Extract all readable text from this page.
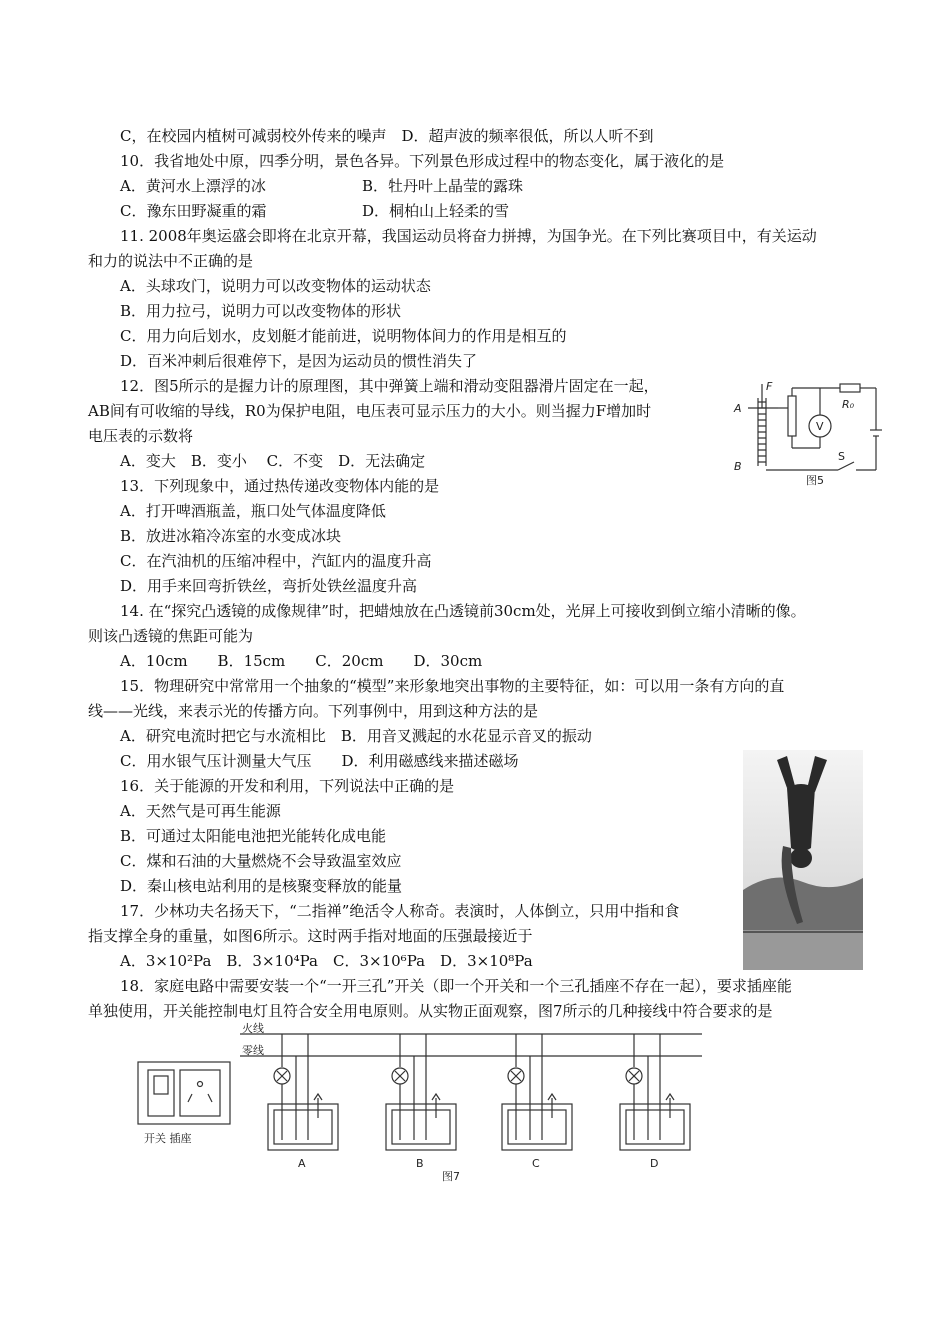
C，在校园内植树可减弱校外传来的噪声　D．超声波的频率很低，所以人听不到
10．我省地处中原，四季分明，景色各异。下列景色形成过程中的物态变化，属于液化的是
A．黄河水上漂浮的冰	B．牡丹叶上晶莹的露珠
C．豫东田野凝重的霜	D．桐柏山上轻柔的雪
11. 2008年奥运盛会即将在北京开幕，我国运动员将奋力拼搏，为国争光。在下列比赛项目中，有关运动
和力的说法中不正确的是
A．头球攻门，说明力可以改变物体的运动状态
B．用力拉弓，说明力可以改变物体的形状
C．用力向后划水，皮划艇才能前进，说明物体间力的作用是相互的
D．百米冲刺后很难停下，是因为运动员的惯性消失了
12．图5所示的是握力计的原理图，其中弹簧上端和滑动变阻器滑片固定在一起，
AB间有可收缩的导线，R0为保护电阻，电压表可显示压力的大小。则当握力F增加时
电压表的示数将
A．变大　B．变小　 C．不变　D．无法确定
13．下列现象中，通过热传递改变物体内能的是
A．打开啤酒瓶盖，瓶口处气体温度降低
B．放进冰箱冷冻室的水变成冰块
C．在汽油机的压缩冲程中，汽缸内的温度升高
D．用手来回弯折铁丝，弯折处铁丝温度升高
14. 在“探究凸透镜的成像规律”时，把蜡烛放在凸透镜前30cm处，光屏上可接收到倒立缩小清晰的像。
则该凸透镜的焦距可能为
A．10cm　　B．15cm　　C．20cm　　D．30cm
15．物理研究中常常用一个抽象的“模型”来形象地突出事物的主要特征，如：可以用一条有方向的直
线——光线，来表示光的传播方向。下列事例中，用到这种方法的是
A．研究电流时把它与水流相比　B．用音叉溅起的水花显示音叉的振动
C．用水银气压计测量大气压　　D．利用磁感线来描述磁场
16．关于能源的开发和利用，下列说法中正确的是
A．天然气是可再生能源
B．可通过太阳能电池把光能转化成电能
C．煤和石油的大量燃烧不会导致温室效应
D．秦山核电站利用的是核聚变释放的能量
17．少林功夫名扬天下，“二指禅”绝活令人称奇。表演时，人体倒立，只用中指和食
指支撑全身的重量，如图6所示。这时两手指对地面的压强最接近于
A．3×10²Pa　B．3×10⁴Pa　C．3×10⁶Pa　D．3×10⁸Pa
18．家庭电路中需要安装一个“一开三孔”开关（即一个开关和一个三孔插座不存在一起），要求插座能
单独使用，开关能控制电灯且符合安全用电原则。从实物正面观察，图7所示的几种接线中符合要求的是
F
A
B
R₀
V
S
图5
火线
零线
开关 插座
A	B	C	D
图7
